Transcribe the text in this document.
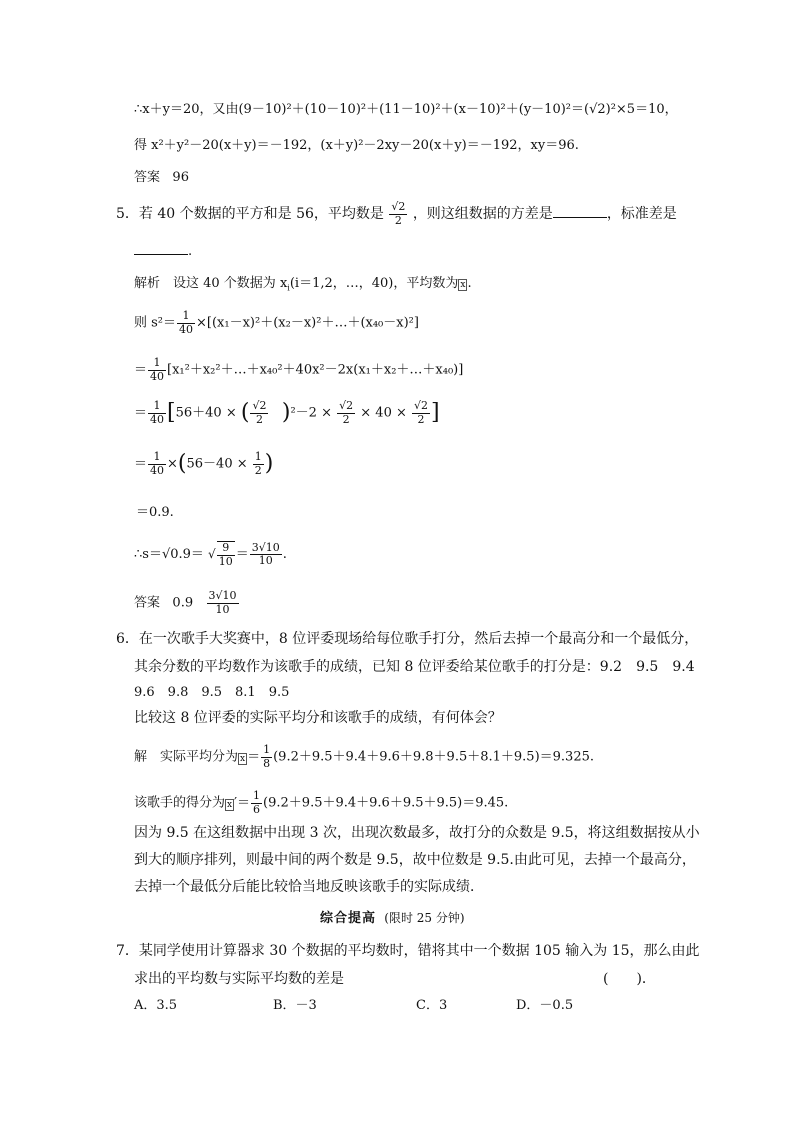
∴x＋y＝20，又由(9－10)²＋(10－10)²＋(11－10)²＋(x－10)²＋(y－10)²＝(√2)²×5＝10，
得 x²＋y²－20(x＋y)＝－192，(x＋y)²－2xy－20(x＋y)＝－192，xy＝96.
答案 96
5．若 40 个数据的平方和是 56，平均数是 $\frac{√2}{2}$ ，则这组数据的方差是	，标准差是
.
解析　设这 40 个数据为 $x_i(i=1,2$，…，40)，平均数为 x .
则 $s^2= \frac{1}{40}$ ×[(x₁－x)²＋(x₂－x)²＋…＋(x₄₀－x)²]
＝ $\frac{1}{40}$ [x₁²＋x₂²＋…＋x₄₀²＋40x²－2x(x₁＋x₂＋…＋x₄₀)]
＝ $\frac{1}{40} [56+40$ × ( $\frac{√2}{2} )^2-2 \times \frac{√2}{2} \times 40 \times \frac{√2}{2}$ ]
＝ $\frac{1}{40} \times(56-40 \times \frac{1}{2}$ )
＝0.9.
∴s＝√0.9＝ √ $\frac{9}{10} = \frac{3√10}{10}$ .
答案 $0.9 \frac{3√10}{10}$
6．在一次歌手大奖赛中，8 位评委现场给每位歌手打分，然后去掉一个最高分和一个最低分，
其余分数的平均数作为该歌手的成绩，已知 8 位评委给某位歌手的打分是：9.2　9.5　9.4
9.6　9.8　9.5　8.1　9.5
比较这 8 位评委的实际平均分和该歌手的成绩，有何体会？
解　实际平均分为 $x = \frac{1}{8} (9.2+9.5+9.4+9.6+9.8+9.5+8.1+9.5)=9.325$.
该歌手的得分为 x ′＝ $\frac{1}{6} (9.2+9.5+9.4+9.6+9.5+9.5)=9.45$.
因为 9.5 在这组数据中出现 3 次，出现次数最多，故打分的众数是 9.5，将这组数据按从小
到大的顺序排列，则最中间的两个数是 9.5，故中位数是 9.5.由此可见，去掉一个最高分，
去掉一个最低分后能比较恰当地反映该歌手的实际成绩．
综合提高 (限时 25 分钟)
7．某同学使用计算器求 30 个数据的平均数时，错将其中一个数据 105 输入为 15，那么由此
求出的平均数与实际平均数的差是	(　　)．
A．3.5	B．－3	C．3	D．－0.5
